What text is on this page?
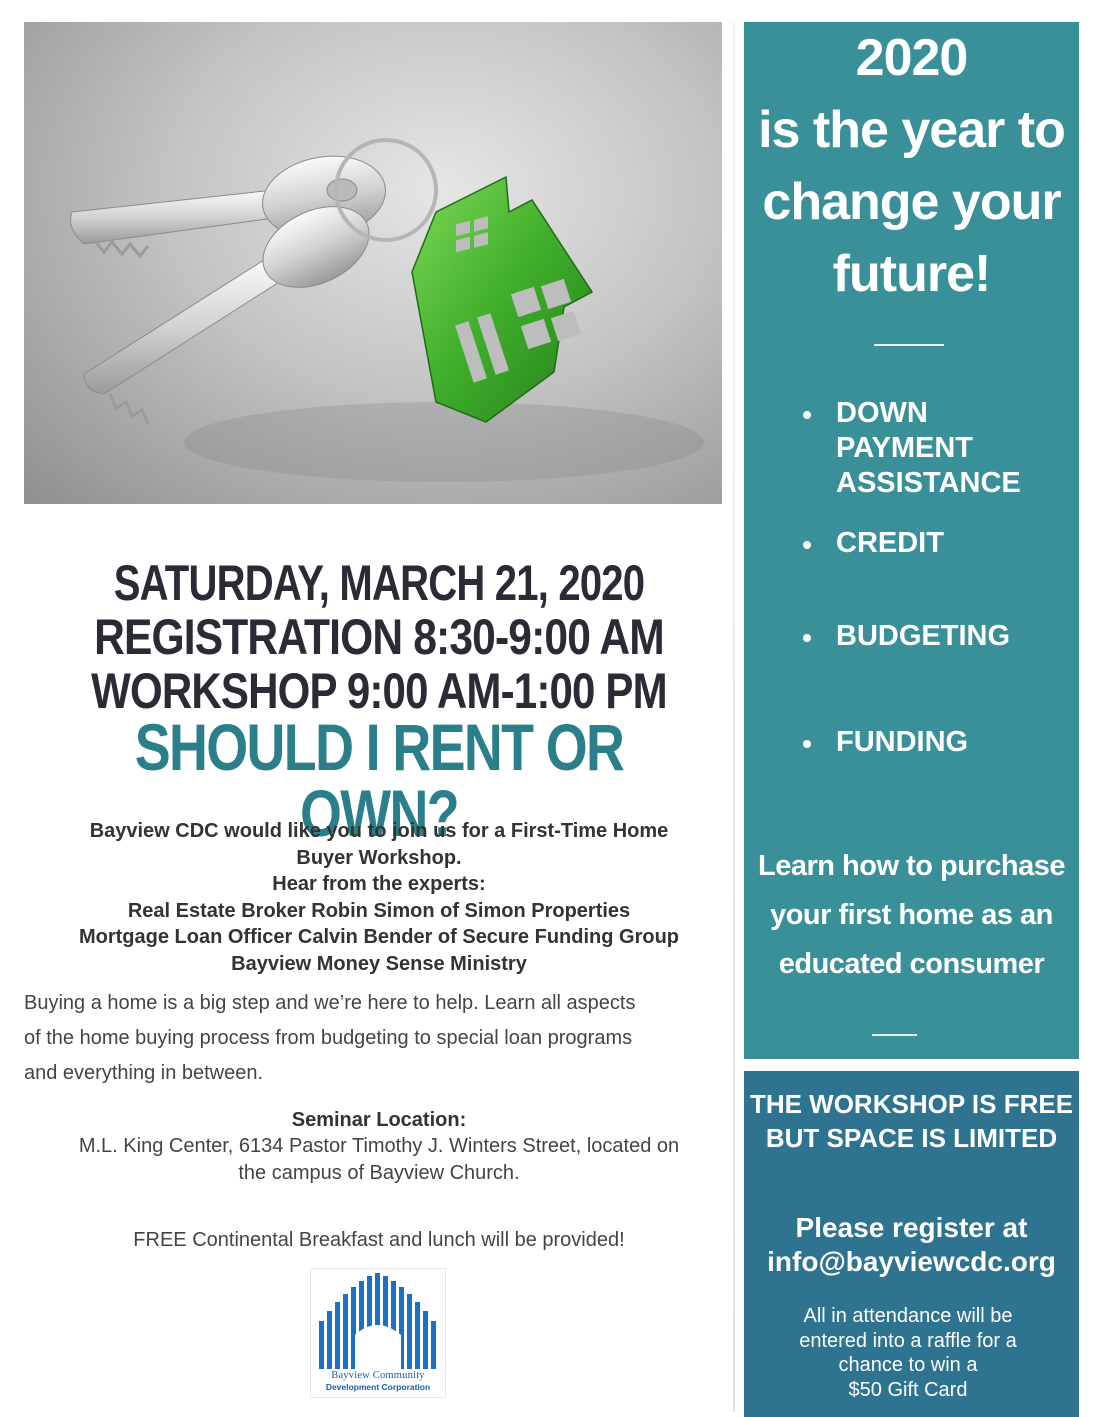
SATURDAY, MARCH 21, 2020
REGISTRATION 8:30-9:00 AM
WORKSHOP 9:00 AM-1:00 PM
SHOULD I RENT OR OWN?
Bayview CDC would like you to join us for a First-Time Home
Buyer Workshop.
Hear from the experts:
Real Estate Broker Robin Simon of Simon Properties
Mortgage Loan Officer Calvin Bender of Secure Funding Group
Bayview Money Sense Ministry
Buying a home is a big step and we’re here to help. Learn all aspects
of the home buying process from budgeting to special loan programs
and everything in between.
Seminar Location:
M.L. King Center, 6134 Pastor Timothy J. Winters Street, located on
the campus of Bayview Church.
FREE Continental Breakfast and lunch will be provided!
Bayview Community
Development Corporation
2020
is the year to
change your
future!
DOWN PAYMENT ASSISTANCE
CREDIT
BUDGETING
FUNDING
Learn how to purchase
your first home as an
educated consumer
THE WORKSHOP IS FREE
BUT SPACE IS LIMITED
Please register at
info@bayviewcdc.org
All in attendance will be
entered into a raffle for a
chance to win a
$50 Gift Card
